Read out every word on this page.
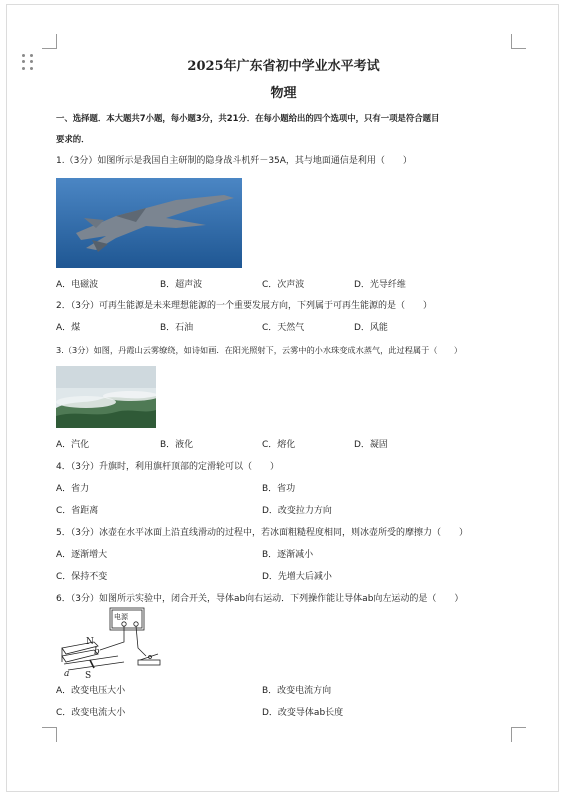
2025年广东省初中学业水平考试
物理
一、选择题．本大题共7小题，每小题3分，共21分．在每小题给出的四个选项中，只有一项是符合题目
要求的．
1.（3分）如图所示是我国自主研制的隐身战斗机歼－35A，其与地面通信是利用（　　）
A．电磁波	B．超声波	C．次声波	D．光导纤维
2．（3分）可再生能源是未来理想能源的一个重要发展方向，下列属于可再生能源的是（　　）
A．煤	B．石油	C．天然气	D．风能
3.（3分）如图，丹霞山云雾缭绕，如诗如画．在阳光照射下，云雾中的小水珠变成水蒸气，此过程属于（　　）
A．汽化	B．液化	C．熔化	D．凝固
4．（3分）升旗时，利用旗杆顶部的定滑轮可以（　　）
A．省力	B．省功
C．省距离	D．改变拉力方向
5．（3分）冰壶在水平冰面上沿直线滑动的过程中，若冰面粗糙程度相同，则冰壶所受的摩擦力（　　）
A．逐渐增大	B．逐渐减小
C．保持不变	D．先增大后减小
6．（3分）如图所示实验中，闭合开关，导体ab向右运动．下列操作能让导体ab向左运动的是（　　）
电源
N
S
a
b
A．改变电压大小	B．改变电流方向
C．改变电流大小	D．改变导体ab长度
